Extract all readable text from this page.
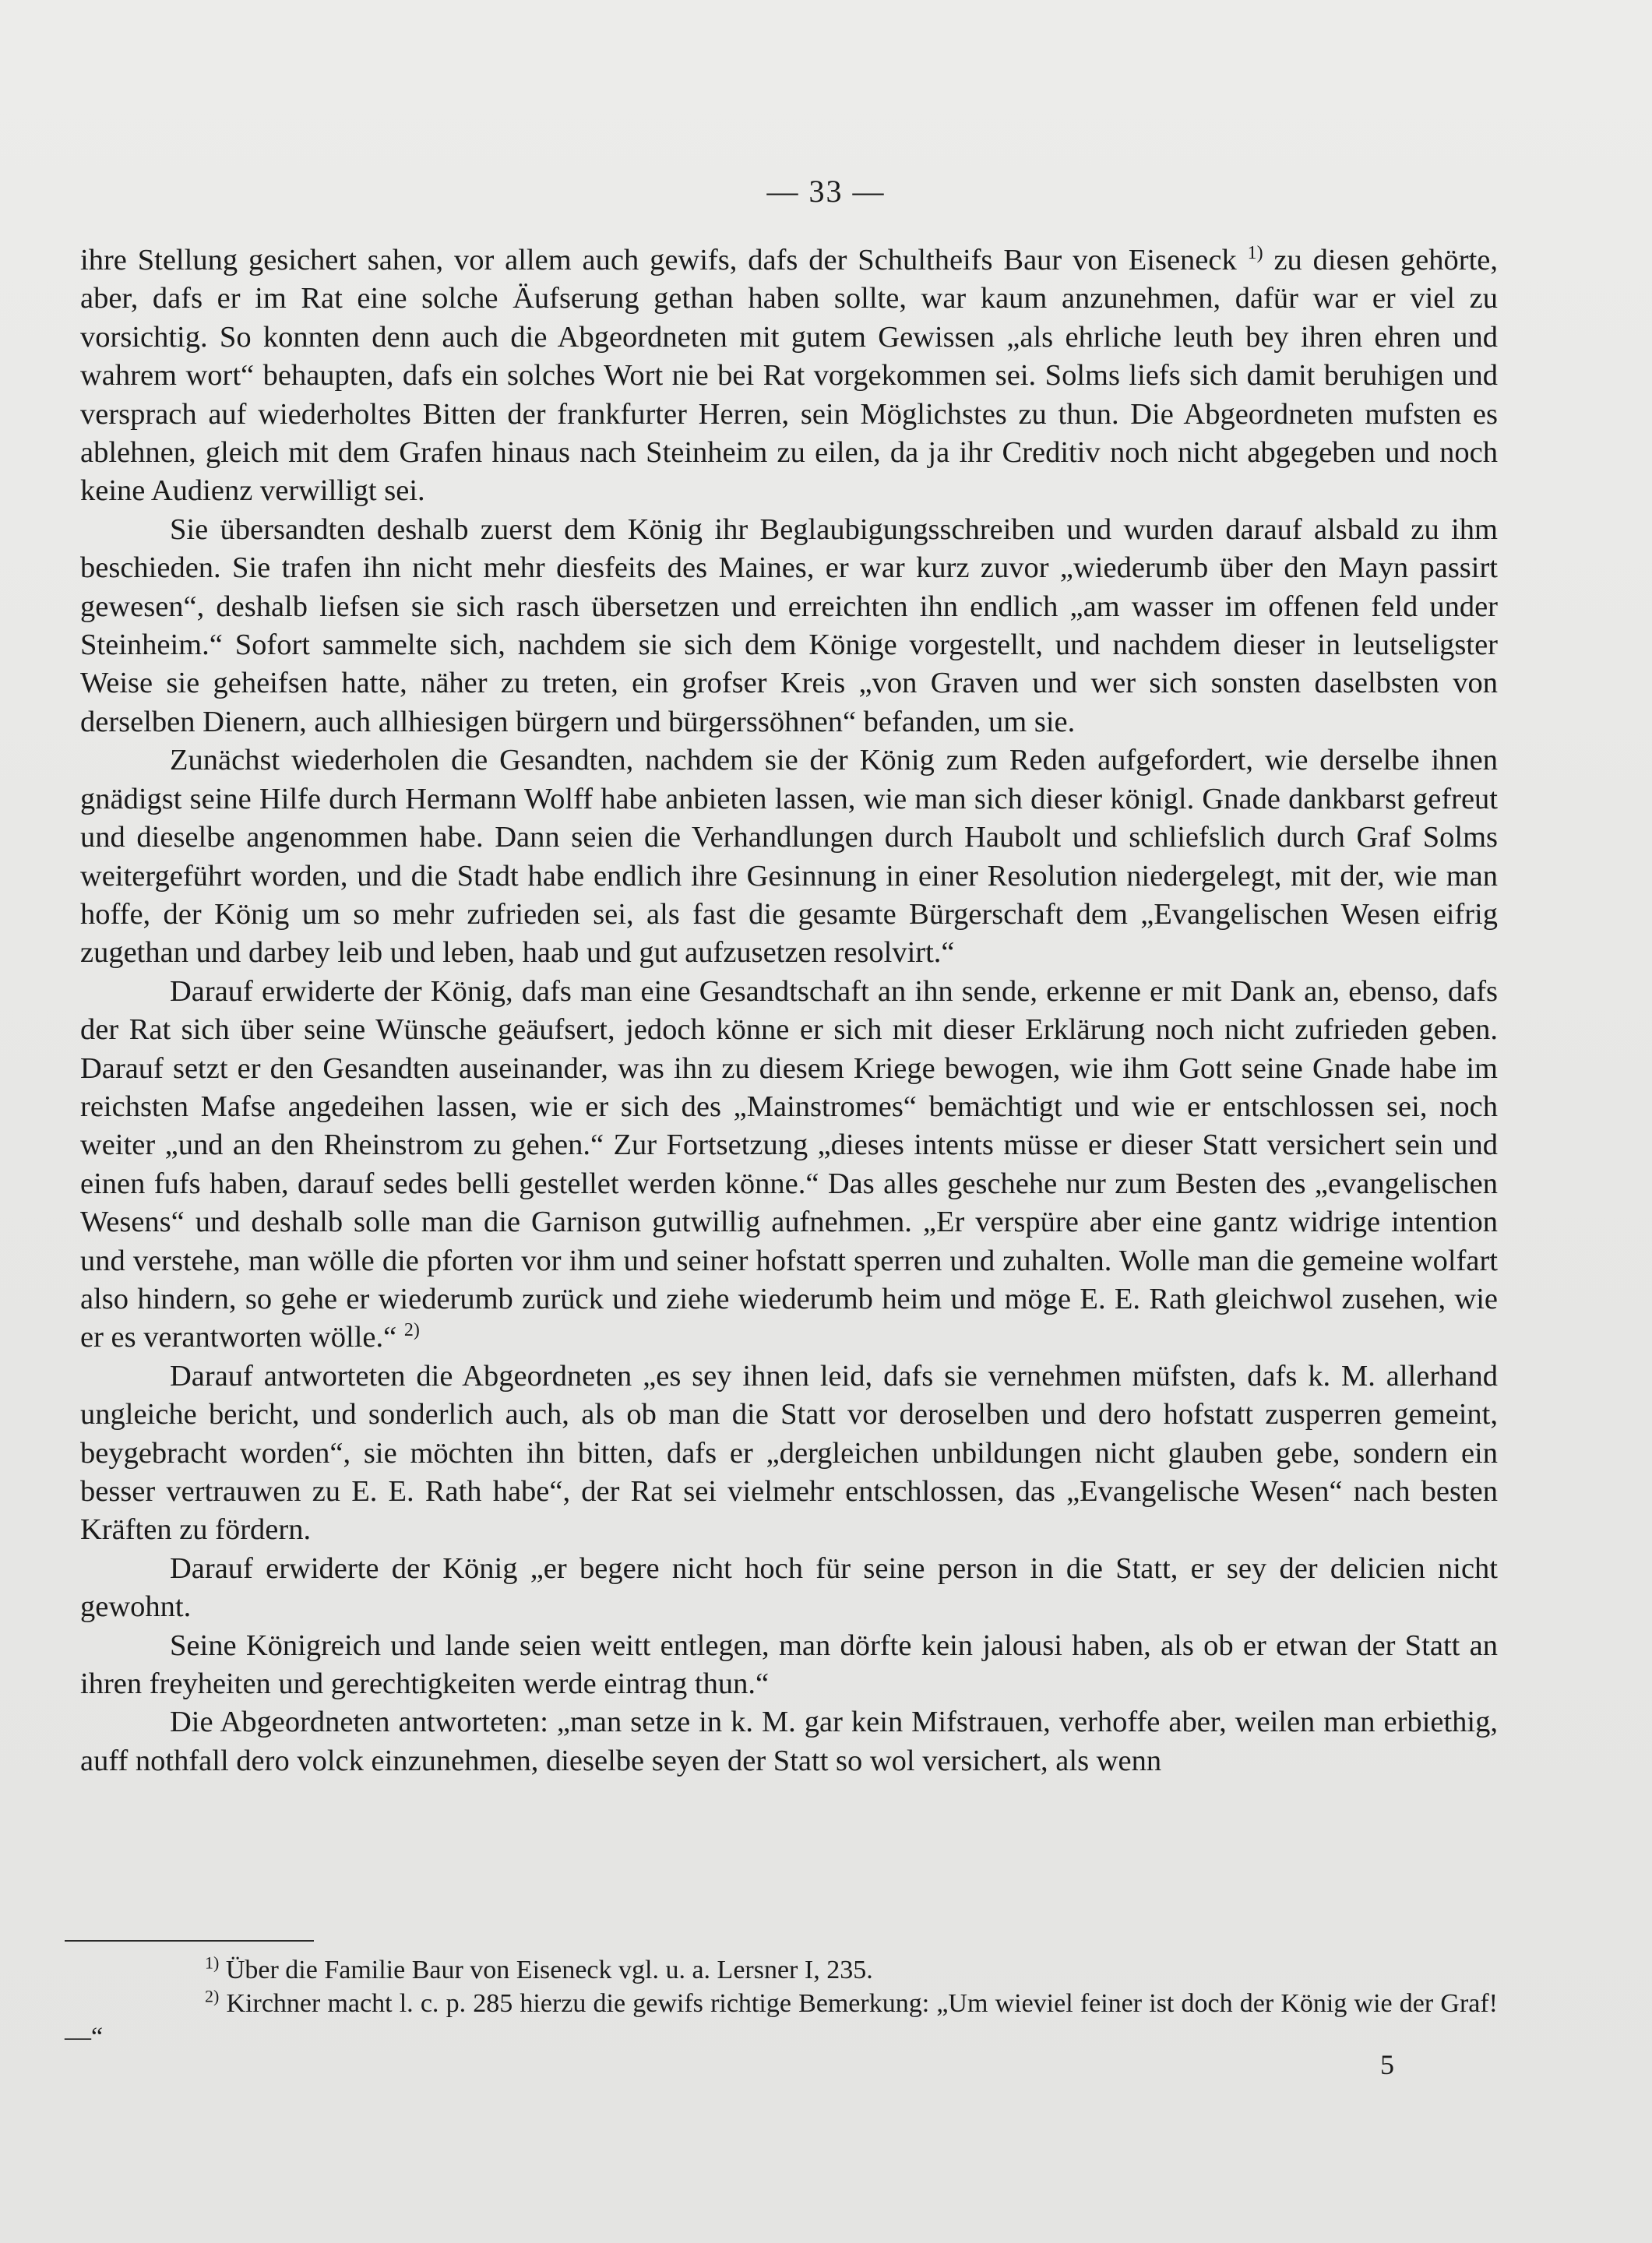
— 33 —

ihre Stellung gesichert sahen, vor allem auch gewifs, dafs der Schultheifs Baur von Eiseneck $^{1)}$ zu diesen gehörte, aber, dafs er im Rat eine solche Äufserung gethan haben sollte, war kaum anzunehmen, dafür war er viel zu vorsichtig. So konnten denn auch die Abgeordneten mit gutem Gewissen „als ehrliche leuth bey ihren ehren und wahrem wort“ behaupten, dafs ein solches Wort nie bei Rat vorgekommen sei. Solms liefs sich damit beruhigen und versprach auf wiederholtes Bitten der frankfurter Herren, sein Möglichstes zu thun. Die Abgeordneten mufsten es ablehnen, gleich mit dem Grafen hinaus nach Steinheim zu eilen, da ja ihr Creditiv noch nicht abgegeben und noch keine Audienz verwilligt sei.

Sie übersandten deshalb zuerst dem König ihr Beglaubigungsschreiben und wurden darauf alsbald zu ihm beschieden. Sie trafen ihn nicht mehr diesfeits des Maines, er war kurz zuvor „wiederumb über den Mayn passirt gewesen“, deshalb liefsen sie sich rasch übersetzen und erreichten ihn endlich „am wasser im offenen feld under Steinheim.“ Sofort sammelte sich, nachdem sie sich dem Könige vorgestellt, und nachdem dieser in leutseligster Weise sie geheifsen hatte, näher zu treten, ein grofser Kreis „von Graven und wer sich sonsten daselbsten von derselben Dienern, auch allhiesigen bürgern und bürgerssöhnen“ befanden, um sie.

Zunächst wiederholen die Gesandten, nachdem sie der König zum Reden aufgefordert, wie derselbe ihnen gnädigst seine Hilfe durch Hermann Wolff habe anbieten lassen, wie man sich dieser königl. Gnade dankbarst gefreut und dieselbe angenommen habe. Dann seien die Verhandlungen durch Haubolt und schliefslich durch Graf Solms weitergeführt worden, und die Stadt habe endlich ihre Gesinnung in einer Resolution niedergelegt, mit der, wie man hoffe, der König um so mehr zufrieden sei, als fast die gesamte Bürgerschaft dem „Evangelischen Wesen eifrig zugethan und darbey leib und leben, haab und gut aufzusetzen resolvirt.“

Darauf erwiderte der König, dafs man eine Gesandtschaft an ihn sende, erkenne er mit Dank an, ebenso, dafs der Rat sich über seine Wünsche geäufsert, jedoch könne er sich mit dieser Erklärung noch nicht zufrieden geben. Darauf setzt er den Gesandten auseinander, was ihn zu diesem Kriege bewogen, wie ihm Gott seine Gnade habe im reichsten Mafse angedeihen lassen, wie er sich des „Mainstromes“ bemächtigt und wie er entschlossen sei, noch weiter „und an den Rheinstrom zu gehen.“ Zur Fortsetzung „dieses intents müsse er dieser Statt versichert sein und einen fufs haben, darauf sedes belli gestellet werden könne.“ Das alles geschehe nur zum Besten des „evangelischen Wesens“ und deshalb solle man die Garnison gutwillig aufnehmen. „Er verspüre aber eine gantz widrige intention und verstehe, man wölle die pforten vor ihm und seiner hofstatt sperren und zuhalten. Wolle man die gemeine wolfart also hindern, so gehe er wiederumb zurück und ziehe wiederumb heim und möge E. E. Rath gleichwol zusehen, wie er es verantworten wölle.“ $^{2)}$

Darauf antworteten die Abgeordneten „es sey ihnen leid, dafs sie vernehmen müfsten, dafs k. M. allerhand ungleiche bericht, und sonderlich auch, als ob man die Statt vor deroselben und dero hofstatt zusperren gemeint, beygebracht worden“, sie möchten ihn bitten, dafs er „dergleichen unbildungen nicht glauben gebe, sondern ein besser vertrauwen zu E. E. Rath habe“, der Rat sei vielmehr entschlossen, das „Evangelische Wesen“ nach besten Kräften zu fördern.

Darauf erwiderte der König „er begere nicht hoch für seine person in die Statt, er sey der delicien nicht gewohnt.

Seine Königreich und lande seien weitt entlegen, man dörfte kein jalousi haben, als ob er etwan der Statt an ihren freyheiten und gerechtigkeiten werde eintrag thun.“

Die Abgeordneten antworteten: „man setze in k. M. gar kein Mifstrauen, verhoffe aber, weilen man erbiethig, auff nothfall dero volck einzunehmen, dieselbe seyen der Statt so wol versichert, als wenn

$^{1)}$ Über die Familie Baur von Eiseneck vgl. u. a. Lersner I, 235.

$^{2)}$ Kirchner macht l. c. p. 285 hierzu die gewifs richtige Bemerkung: „Um wieviel feiner ist doch der König wie der Graf! —“

5
